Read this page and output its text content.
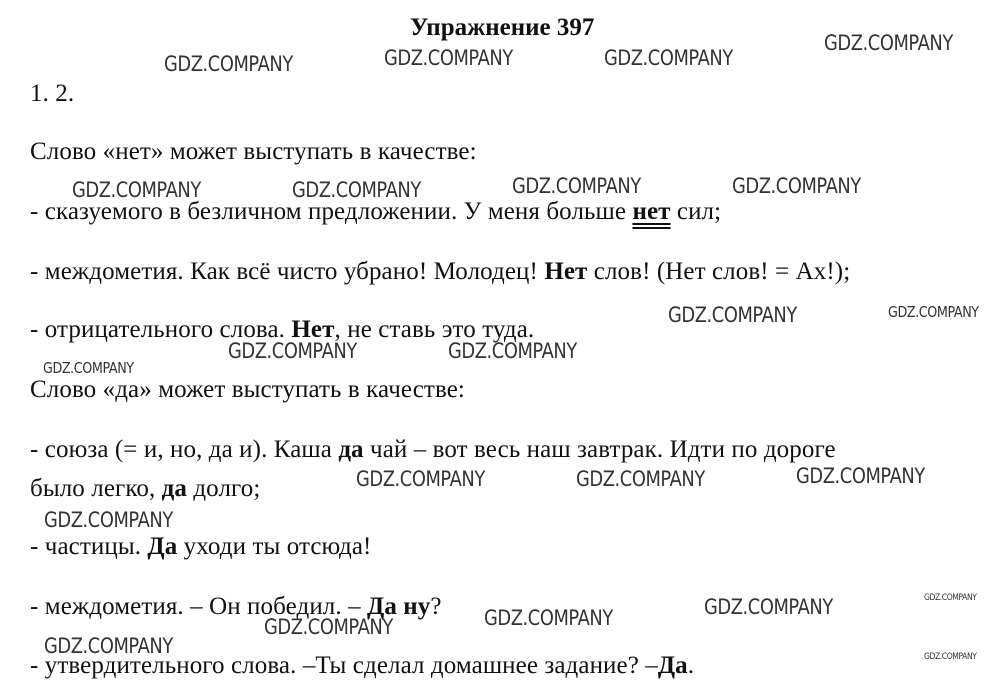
Упражнение 397
1. 2.
Слово «нет» может выступать в качестве:
- сказуемого в безличном предложении. У меня больше нет сил;
- междометия. Как всё чисто убрано! Молодец! Нет слов! (Нет слов! = Ах!);
- отрицательного слова. Нет, не ставь это туда.
Слово «да» может выступать в качестве:
- союза (= и, но, да и). Каша да чай – вот весь наш завтрак. Идти по дороге
было легко, да долго;
- частицы. Да уходи ты отсюда!
- междометия. – Он победил. – Да ну?
- утвердительного слова. –Ты сделал домашнее задание? –Да.
GDZ.COMPANY	GDZ.COMPANY	GDZ.COMPANY
GDZ.COMPANY
GDZ.COMPANY	GDZ.COMPANY	GDZ.COMPANY	GDZ.COMPANY
GDZ.COMPANY	GDZ.COMPANY
GDZ.COMPANY	GDZ.COMPANY
GDZ.COMPANY
GDZ.COMPANY
GDZ.COMPANY	GDZ.COMPANY
GDZ.COMPANY
GDZ.COMPANY
GDZ.COMPANY
GDZ.COMPANY
GDZ.COMPANY
GDZ.COMPANY	GDZ.COMPANY
